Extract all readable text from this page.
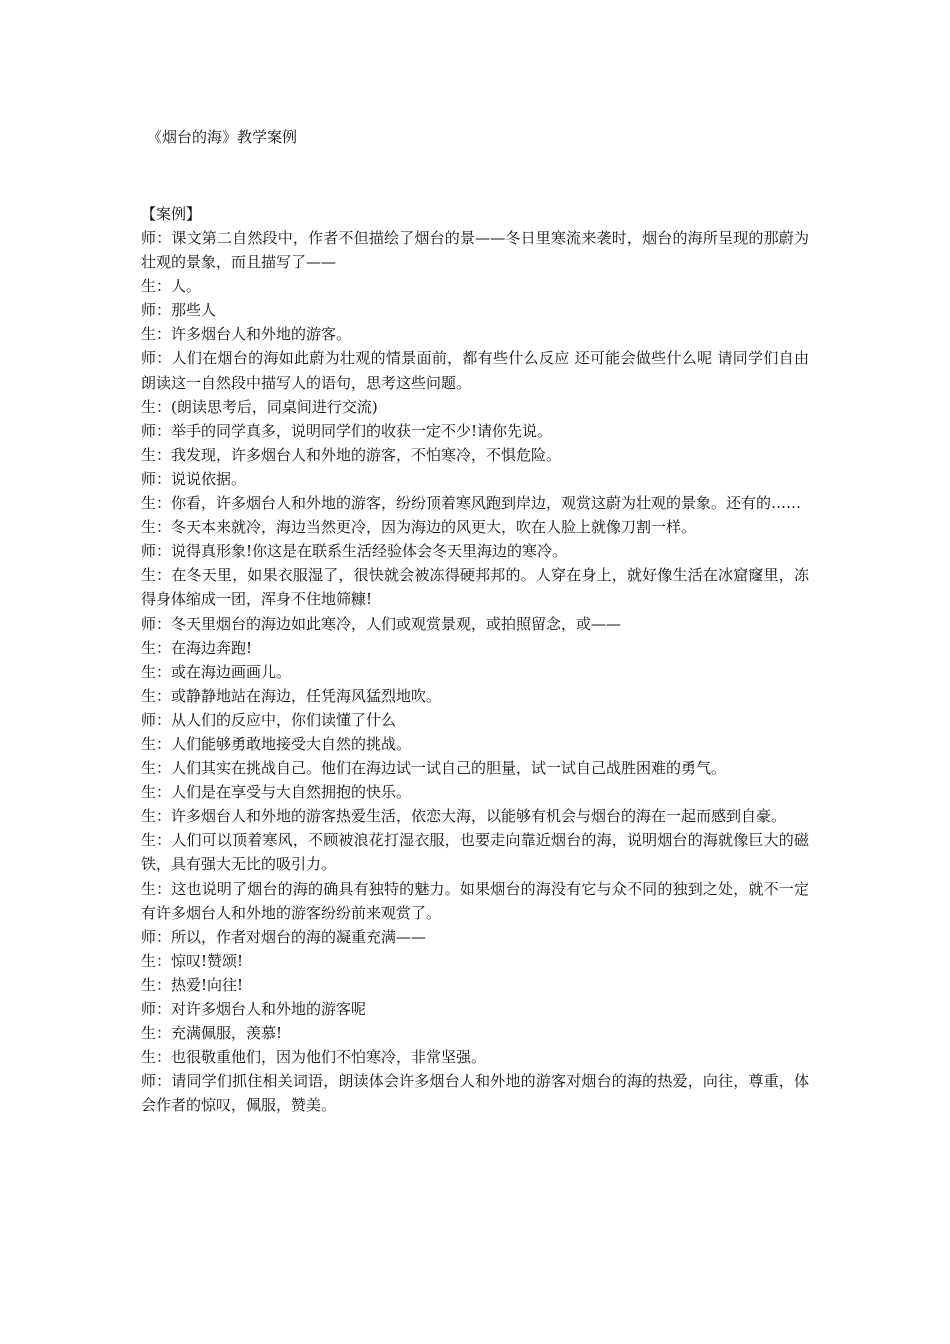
《烟台的海》教学案例
【案例】

师：课文第二自然段中，作者不但描绘了烟台的景——冬日里寒流来袭时，烟台的海所呈现的那蔚为壮观的景象，而且描写了——

生：人。

师：那些人

生：许多烟台人和外地的游客。

师：人们在烟台的海如此蔚为壮观的情景面前，都有些什么反应 还可能会做些什么呢 请同学们自由朗读这一自然段中描写人的语句，思考这些问题。

生：(朗读思考后，同桌间进行交流)

师：举手的同学真多，说明同学们的收获一定不少!请你先说。

生：我发现，许多烟台人和外地的游客，不怕寒冷，不惧危险。

师：说说依据。

生：你看，许多烟台人和外地的游客，纷纷顶着寒风跑到岸边，观赏这蔚为壮观的景象。还有的……

生：冬天本来就冷，海边当然更冷，因为海边的风更大，吹在人脸上就像刀割一样。

师：说得真形象!你这是在联系生活经验体会冬天里海边的寒冷。

生：在冬天里，如果衣服湿了，很快就会被冻得硬邦邦的。人穿在身上，就好像生活在冰窟窿里，冻得身体缩成一团，浑身不住地筛糠!

师：冬天里烟台的海边如此寒冷，人们或观赏景观，或拍照留念，或——

生：在海边奔跑!

生：或在海边画画儿。

生：或静静地站在海边，任凭海风猛烈地吹。

师：从人们的反应中，你们读懂了什么

生：人们能够勇敢地接受大自然的挑战。

生：人们其实在挑战自己。他们在海边试一试自己的胆量，试一试自己战胜困难的勇气。

生：人们是在享受与大自然拥抱的快乐。

生：许多烟台人和外地的游客热爱生活，依恋大海，以能够有机会与烟台的海在一起而感到自豪。

生：人们可以顶着寒风，不顾被浪花打湿衣服，也要走向靠近烟台的海，说明烟台的海就像巨大的磁铁，具有强大无比的吸引力。

生：这也说明了烟台的海的确具有独特的魅力。如果烟台的海没有它与众不同的独到之处，就不一定有许多烟台人和外地的游客纷纷前来观赏了。

师：所以，作者对烟台的海的凝重充满——

生：惊叹!赞颂!

生：热爱!向往!

师：对许多烟台人和外地的游客呢

生：充满佩服，羡慕!

生：也很敬重他们，因为他们不怕寒冷，非常坚强。

师：请同学们抓住相关词语，朗读体会许多烟台人和外地的游客对烟台的海的热爱，向往，尊重，体会作者的惊叹，佩服，赞美。
